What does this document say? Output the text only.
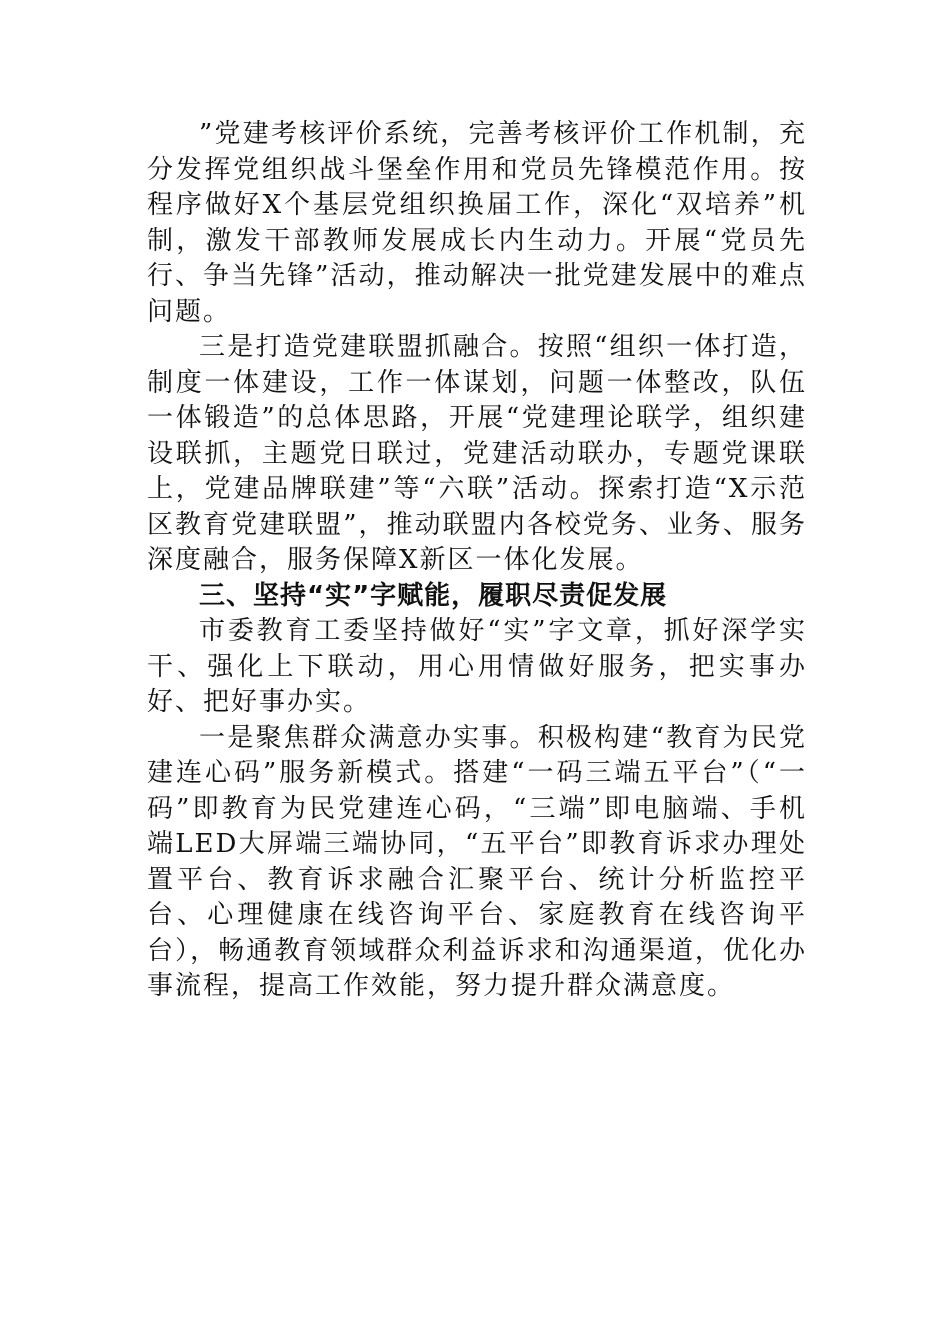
”党建考核评价系统，完善考核评价工作机制，充分发挥党组织战斗堡垒作用和党员先锋模范作用。按程序做好X个基层党组织换届工作，深化“双培养”机制，激发干部教师发展成长内生动力。开展“党员先行、争当先锋”活动，推动解决一批党建发展中的难点问题。

三是打造党建联盟抓融合。按照“组织一体打造，制度一体建设，工作一体谋划，问题一体整改，队伍一体锻造”的总体思路，开展“党建理论联学，组织建设联抓，主题党日联过，党建活动联办，专题党课联上，党建品牌联建”等“六联”活动。探索打造“X示范区教育党建联盟”，推动联盟内各校党务、业务、服务深度融合，服务保障X新区一体化发展。

三、坚持“实”字赋能，履职尽责促发展

市委教育工委坚持做好“实”字文章，抓好深学实干、强化上下联动，用心用情做好服务，把实事办好、把好事办实。

一是聚焦群众满意办实事。积极构建“教育为民党建连心码”服务新模式。搭建“一码三端五平台”（“一码”即教育为民党建连心码，“三端”即电脑端、手机端LED大屏端三端协同，“五平台”即教育诉求办理处置平台、教育诉求融合汇聚平台、统计分析监控平台、心理健康在线咨询平台、家庭教育在线咨询平台），畅通教育领域群众利益诉求和沟通渠道，优化办事流程，提高工作效能，努力提升群众满意度。
